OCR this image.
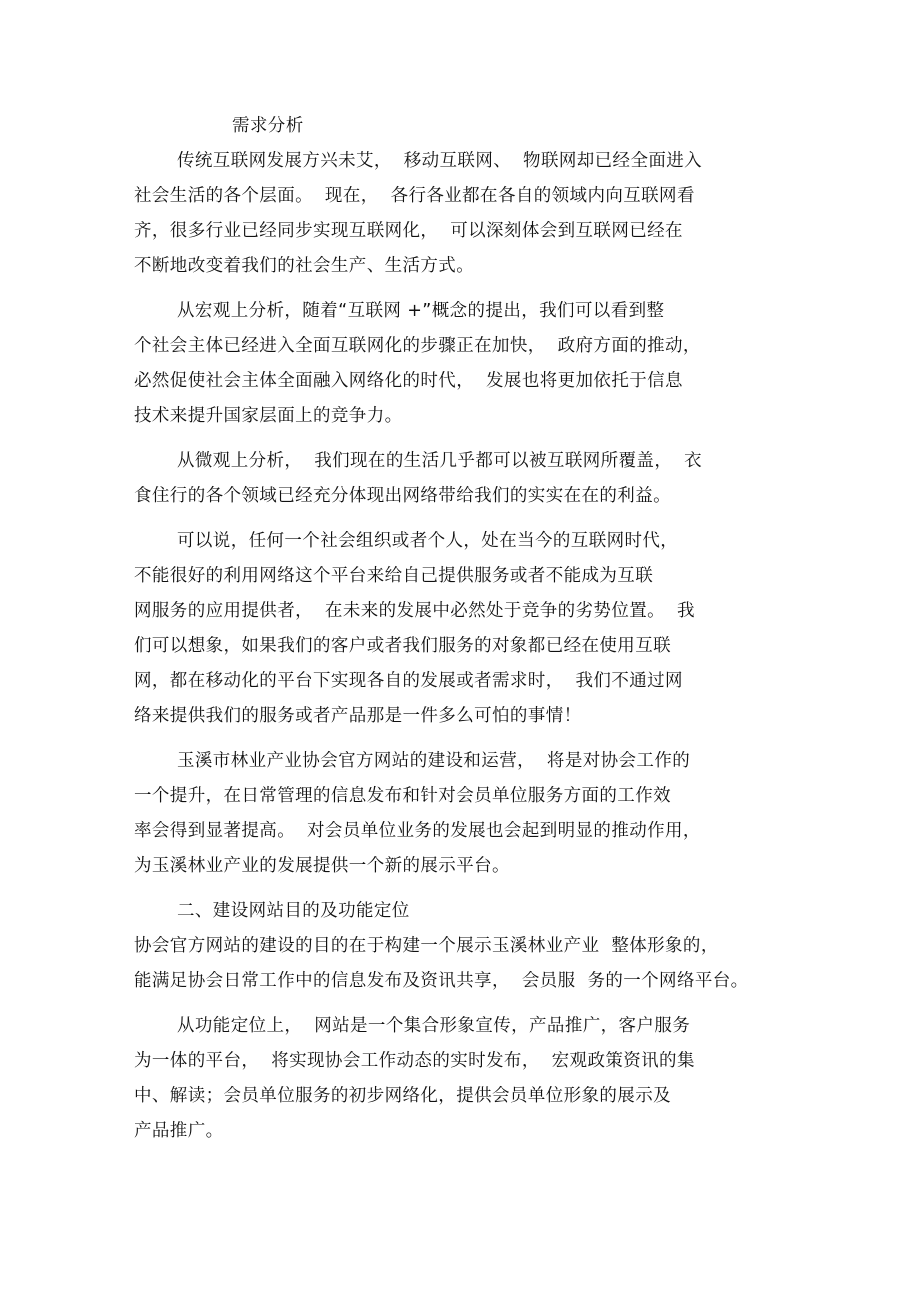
需求分析
传统互联网发展方兴未艾，  移动互联网、  物联网却已经全面进入
社会生活的各个层面。  现在，  各行各业都在各自的领域内向互联网看
齐，很多行业已经同步实现互联网化，  可以深刻体会到互联网已经在
不断地改变着我们的社会生产、生活方式。
从宏观上分析，随着“互联网 +”概念的提出，我们可以看到整
个社会主体已经进入全面互联网化的步骤正在加快，  政府方面的推动，
必然促使社会主体全面融入网络化的时代，  发展也将更加依托于信息
技术来提升国家层面上的竞争力。
从微观上分析，  我们现在的生活几乎都可以被互联网所覆盖，  衣
食住行的各个领域已经充分体现出网络带给我们的实实在在的利益。
可以说，任何一个社会组织或者个人，处在当今的互联网时代，
不能很好的利用网络这个平台来给自己提供服务或者不能成为互联
网服务的应用提供者，  在未来的发展中必然处于竞争的劣势位置。  我
们可以想象，如果我们的客户或者我们服务的对象都已经在使用互联
网，都在移动化的平台下实现各自的发展或者需求时，  我们不通过网
络来提供我们的服务或者产品那是一件多么可怕的事情！
玉溪市林业产业协会官方网站的建设和运营，  将是对协会工作的
一个提升，在日常管理的信息发布和针对会员单位服务方面的工作效
率会得到显著提高。  对会员单位业务的发展也会起到明显的推动作用，
为玉溪林业产业的发展提供一个新的展示平台。
二、建设网站目的及功能定位
协会官方网站的建设的目的在于构建一个展示玉溪林业产业  整体形象的，
能满足协会日常工作中的信息发布及资讯共享，  会员服  务的一个网络平台。
从功能定位上，  网站是一个集合形象宣传，产品推广，客户服务
为一体的平台，  将实现协会工作动态的实时发布，  宏观政策资讯的集
中、解读；会员单位服务的初步网络化，提供会员单位形象的展示及
产品推广。
